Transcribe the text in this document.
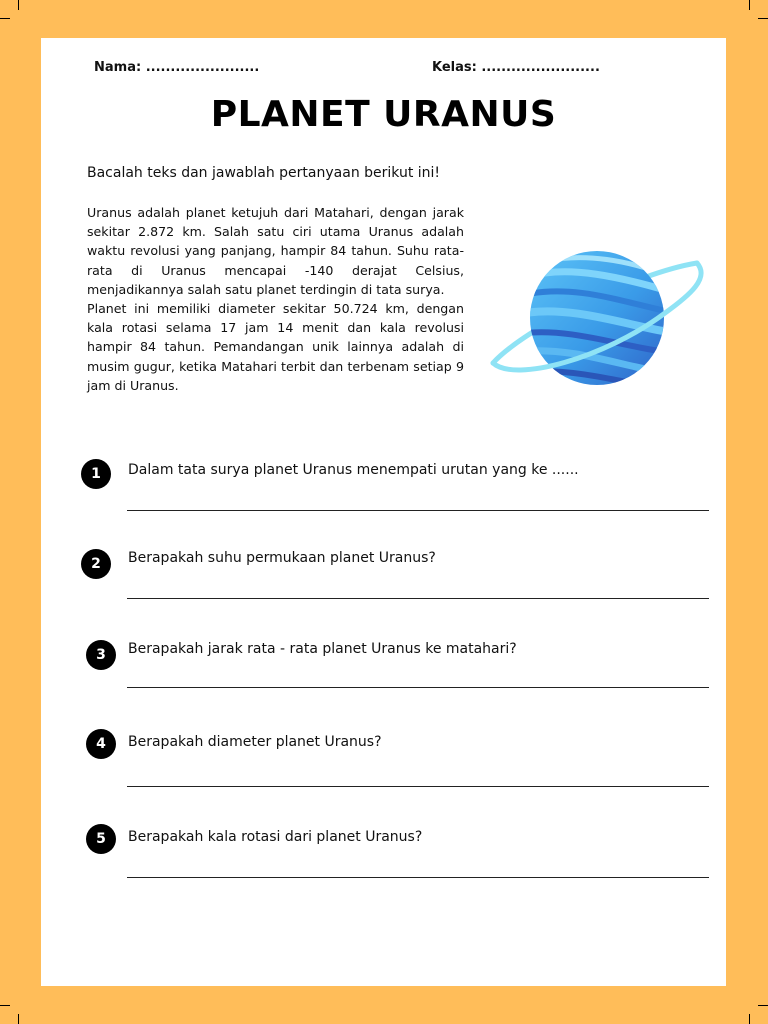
Nama: .......................	Kelas: ........................
PLANET URANUS
Bacalah teks dan jawablah pertanyaan berikut ini!

Uranus adalah planet ketujuh dari Matahari, dengan jarak sekitar 2.872 km. Salah satu ciri utama Uranus adalah waktu revolusi yang panjang, hampir 84 tahun. Suhu rata-rata di Uranus mencapai -140 derajat Celsius, menjadikannya salah satu planet terdingin di tata surya.

Planet ini memiliki diameter sekitar 50.724 km, dengan kala rotasi selama 17 jam 14 menit dan kala revolusi hampir 84 tahun. Pemandangan unik lainnya adalah di musim gugur, ketika Matahari terbit dan terbenam setiap 9 jam di Uranus.

1	Dalam tata surya planet Uranus menempati urutan yang ke ......
2	Berapakah suhu permukaan planet Uranus?
3	Berapakah jarak rata - rata planet Uranus ke matahari?
4	Berapakah diameter planet Uranus?
5	Berapakah kala rotasi dari planet Uranus?
